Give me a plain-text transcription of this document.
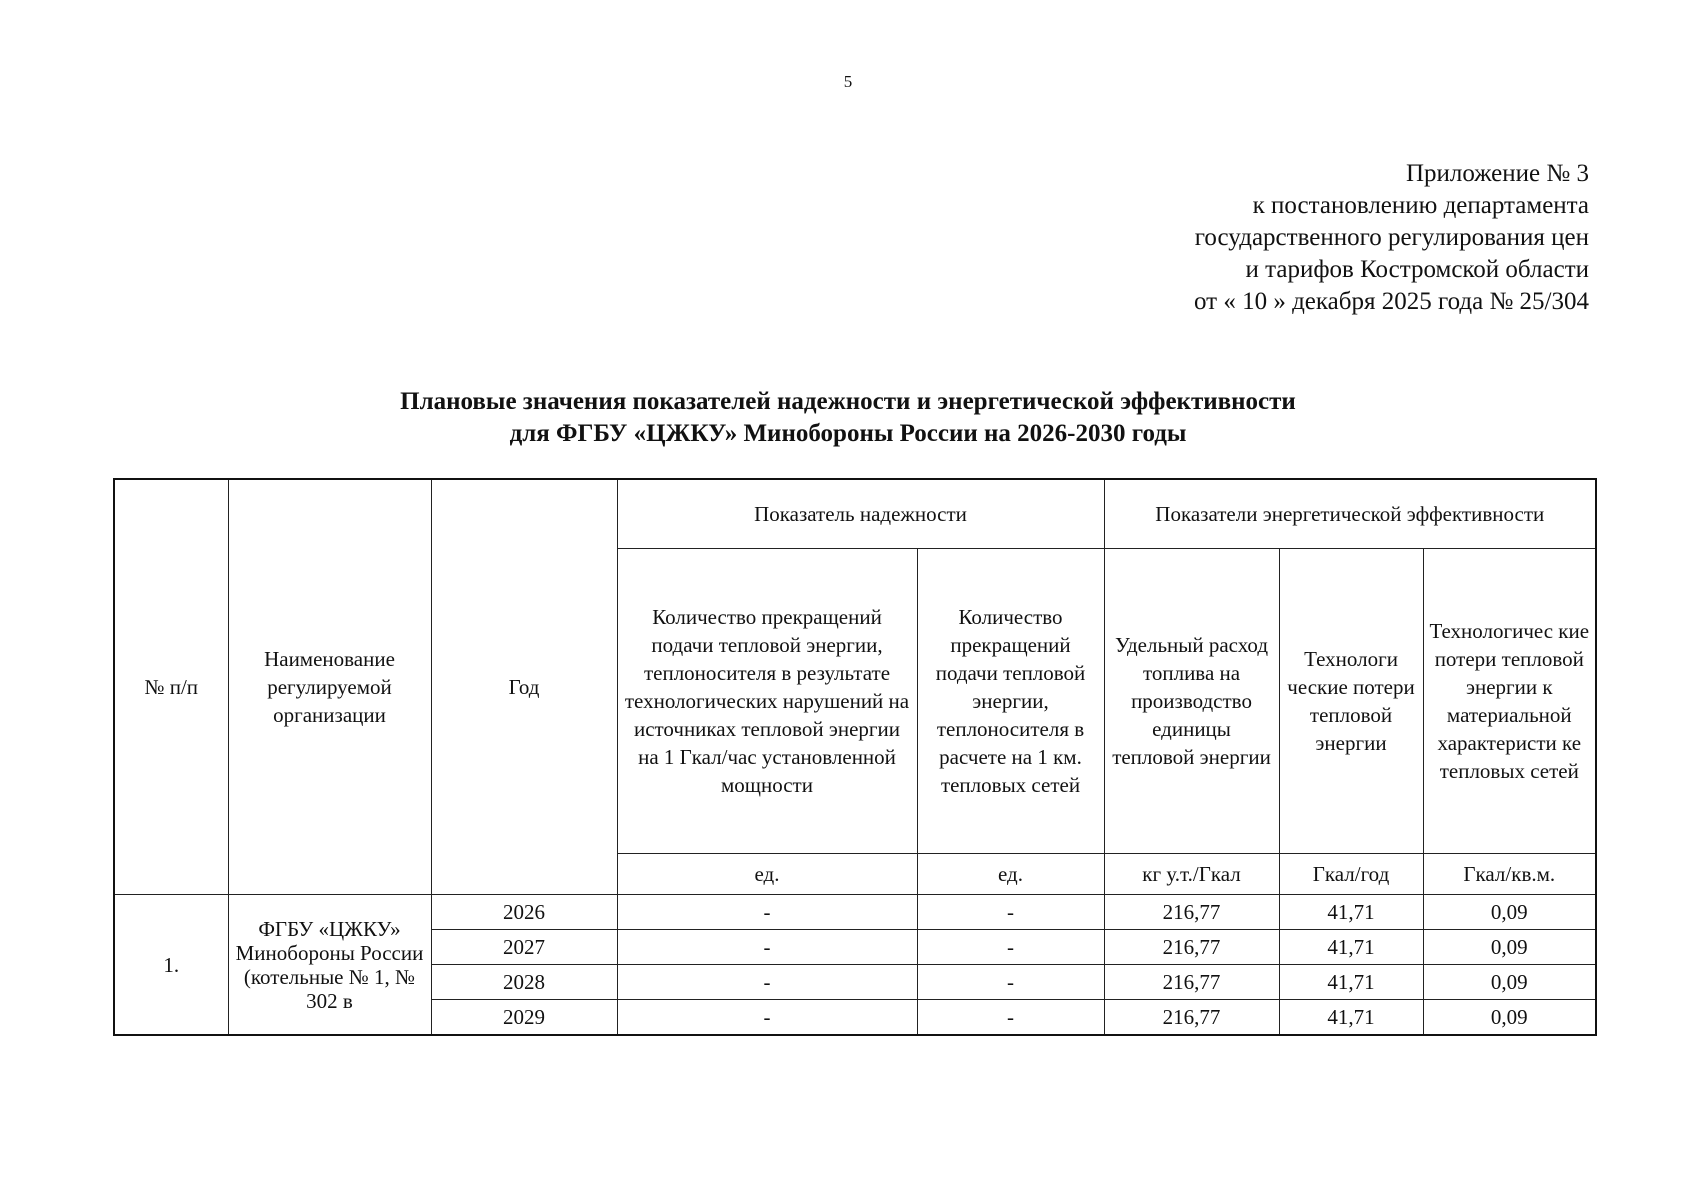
5
Приложение № 3
к постановлению департамента
государственного регулирования цен
и тарифов Костромской области
от « 10 » декабря 2025 года № 25/304
Плановые значения показателей надежности и энергетической эффективности
для ФГБУ «ЦЖКУ» Минобороны России на 2026-2030 годы
№ п/п	Наименование регулируемой организации	Год	Показатель надежности		Показатели энергетической эффективности		
			Количество прекращений подачи тепловой энергии, теплоносителя в результате технологических нарушений на источниках тепловой энергии на 1 Гкал/час установленной мощности	Количество прекращений подачи тепловой энергии, теплоносителя в расчете на 1 км. тепловых сетей	Удельный расход топлива на производство единицы тепловой энергии	Технологи ческие потери тепловой энергии	Технологичес кие потери тепловой энергии к материальной характеристи ке тепловых сетей
			ед.	ед.	кг у.т./Гкал	Гкал/год	Гкал/кв.м.
1.	ФГБУ «ЦЖКУ» Минобороны России (котельные № 1, № 302 в	2026	-	-	216,77	41,71	0,09
		2027	-	-	216,77	41,71	0,09
		2028	-	-	216,77	41,71	0,09
		2029	-	-	216,77	41,71	0,09
